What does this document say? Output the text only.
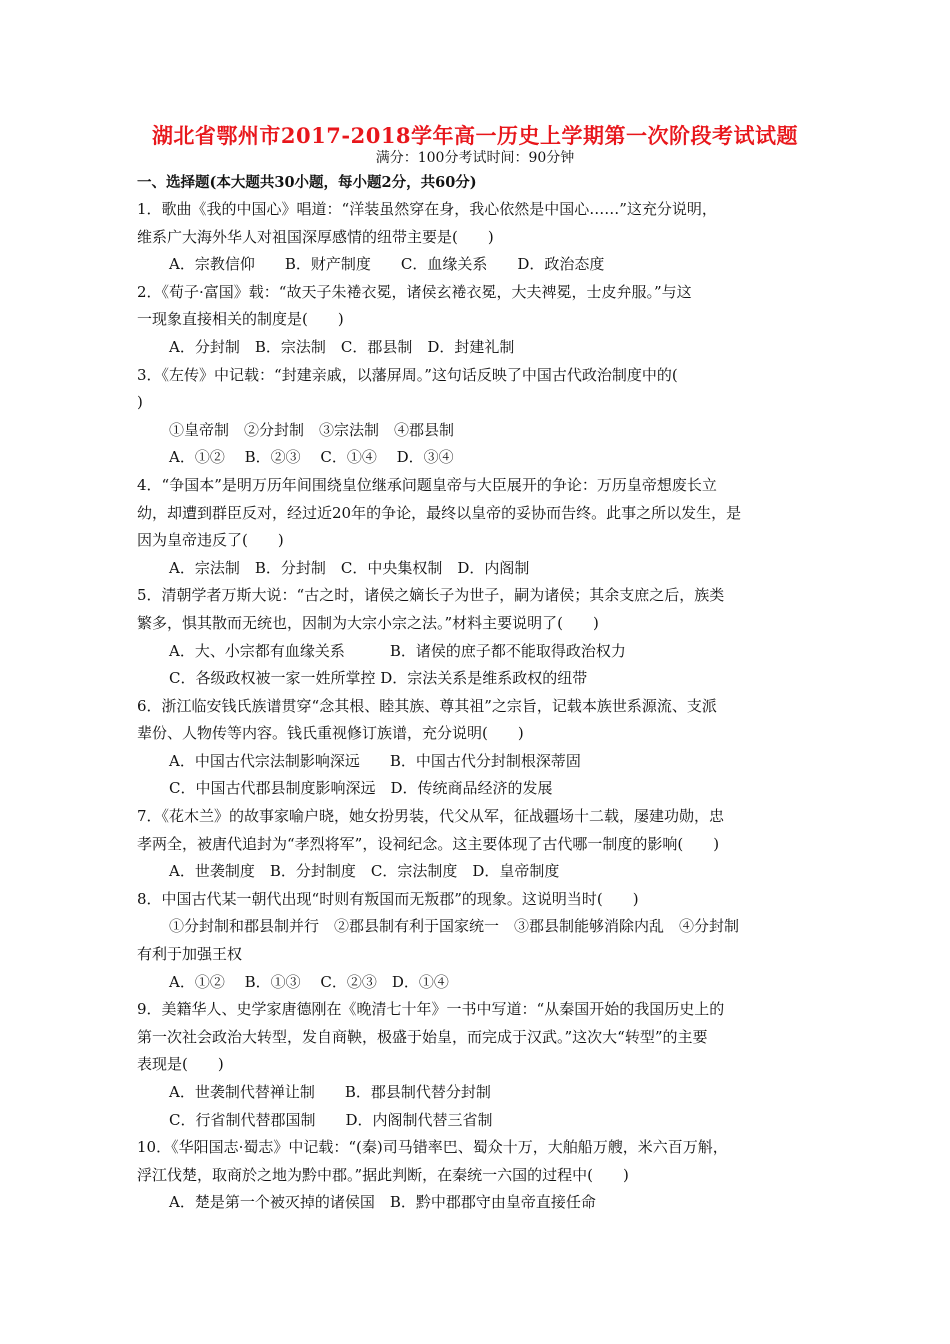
湖北省鄂州市2017-2018学年高一历史上学期第一次阶段考试试题
满分：100分考试时间：90分钟
一、选择题(本大题共30小题，每小题2分，共60分)
1．歌曲《我的中国心》唱道：“洋装虽然穿在身，我心依然是中国心……”这充分说明，
维系广大海外华人对祖国深厚感情的纽带主要是(　　)
A．宗教信仰　　B．财产制度　　C．血缘关系　　D．政治态度
2．《荀子·富国》载：“故天子朱裷衣冕，诸侯玄裷衣冕，大夫裨冕，士皮弁服。”与这
一现象直接相关的制度是(　　)
A．分封制　B．宗法制　C．郡县制　D．封建礼制
3．《左传》中记载：“封建亲戚，以藩屏周。”这句话反映了中国古代政治制度中的(
)
①皇帝制　②分封制　③宗法制　④郡县制
A．①②　 B．②③　 C．①④　 D．③④
4．“争国本”是明万历年间围绕皇位继承问题皇帝与大臣展开的争论：万历皇帝想废长立
幼，却遭到群臣反对，经过近20年的争论，最终以皇帝的妥协而告终。此事之所以发生，是
因为皇帝违反了(　　)
A．宗法制　B．分封制　C．中央集权制　D．内阁制
5．清朝学者万斯大说：“古之时，诸侯之嫡长子为世子，嗣为诸侯；其余支庶之后，族类
繁多，惧其散而无统也，因制为大宗小宗之法。”材料主要说明了(　　)
A．大、小宗都有血缘关系　　　B．诸侯的庶子都不能取得政治权力
C．各级政权被一家一姓所掌控 D．宗法关系是维系政权的纽带
6．浙江临安钱氏族谱贯穿“念其根、睦其族、尊其祖”之宗旨，记载本族世系源流、支派
辈份、人物传等内容。钱氏重视修订族谱，充分说明(　　)
A．中国古代宗法制影响深远　　B．中国古代分封制根深蒂固
C．中国古代郡县制度影响深远　D．传统商品经济的发展
7．《花木兰》的故事家喻户晓，她女扮男装，代父从军，征战疆场十二载，屡建功勋，忠
孝两全，被唐代追封为“孝烈将军”，设祠纪念。这主要体现了古代哪一制度的影响(　　)
A．世袭制度　B．分封制度　C．宗法制度　D．皇帝制度
8．中国古代某一朝代出现“时则有叛国而无叛郡”的现象。这说明当时(　　)
①分封制和郡县制并行　②郡县制有利于国家统一　③郡县制能够消除内乱　④分封制
有利于加强王权
A．①②　 B．①③　 C．②③　D．①④
9．美籍华人、史学家唐德刚在《晚清七十年》一书中写道：“从秦国开始的我国历史上的
第一次社会政治大转型，发自商鞅，极盛于始皇，而完成于汉武。”这次大“转型”的主要
表现是(　　)
A．世袭制代替禅让制　　B．郡县制代替分封制
C．行省制代替郡国制　　D．内阁制代替三省制
10．《华阳国志·蜀志》中记载：“(秦)司马错率巴、蜀众十万，大舶船万艘，米六百万斛，
浮江伐楚，取商於之地为黔中郡。”据此判断，在秦统一六国的过程中(　　)
A．楚是第一个被灭掉的诸侯国　B．黔中郡郡守由皇帝直接任命
